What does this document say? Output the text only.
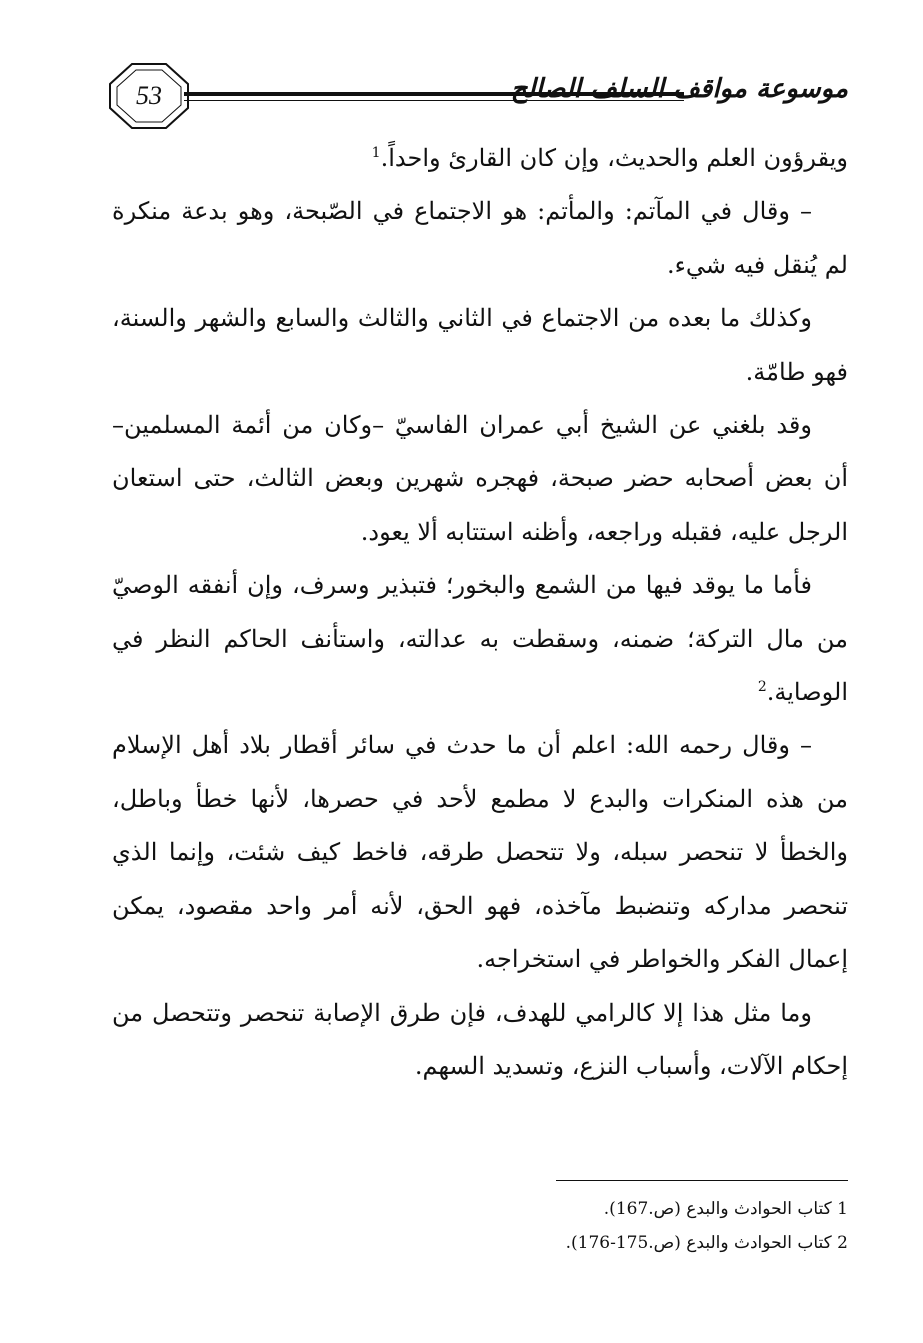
53	موسوعة مواقف السلف الصالح

ويقرؤون العلم والحديث، وإن كان القارئ واحداً.$^1$

– وقال في المآتم: والمأتم: هو الاجتماع في الصّبحة، وهو بدعة منكرة لم يُنقل فيه شيء.

وكذلك ما بعده من الاجتماع في الثاني والثالث والسابع والشهر والسنة، فهو طامّة.

وقد بلغني عن الشيخ أبي عمران الفاسيّ –وكان من أئمة المسلمين– أن بعض أصحابه حضر صبحة، فهجره شهرين وبعض الثالث، حتى استعان الرجل عليه، فقبله وراجعه، وأظنه استتابه ألا يعود.

فأما ما يوقد فيها من الشمع والبخور؛ فتبذير وسرف، وإن أنفقه الوصيّ من مال التركة؛ ضمنه، وسقطت به عدالته، واستأنف الحاكم النظر في الوصاية.$^2$

– وقال رحمه الله: اعلم أن ما حدث في سائر أقطار بلاد أهل الإسلام من هذه المنكرات والبدع لا مطمع لأحد في حصرها، لأنها خطأ وباطل، والخطأ لا تنحصر سبله، ولا تتحصل طرقه، فاخط كيف شئت، وإنما الذي تنحصر مداركه وتنضبط مآخذه، فهو الحق، لأنه أمر واحد مقصود، يمكن إعمال الفكر والخواطر في استخراجه.

وما مثل هذا إلا كالرامي للهدف، فإن طرق الإصابة تنحصر وتتحصل من إحكام الآلات، وأسباب النزع، وتسديد السهم.

1 كتاب الحوادث والبدع (ص.167).
2 كتاب الحوادث والبدع (ص.175-176).
